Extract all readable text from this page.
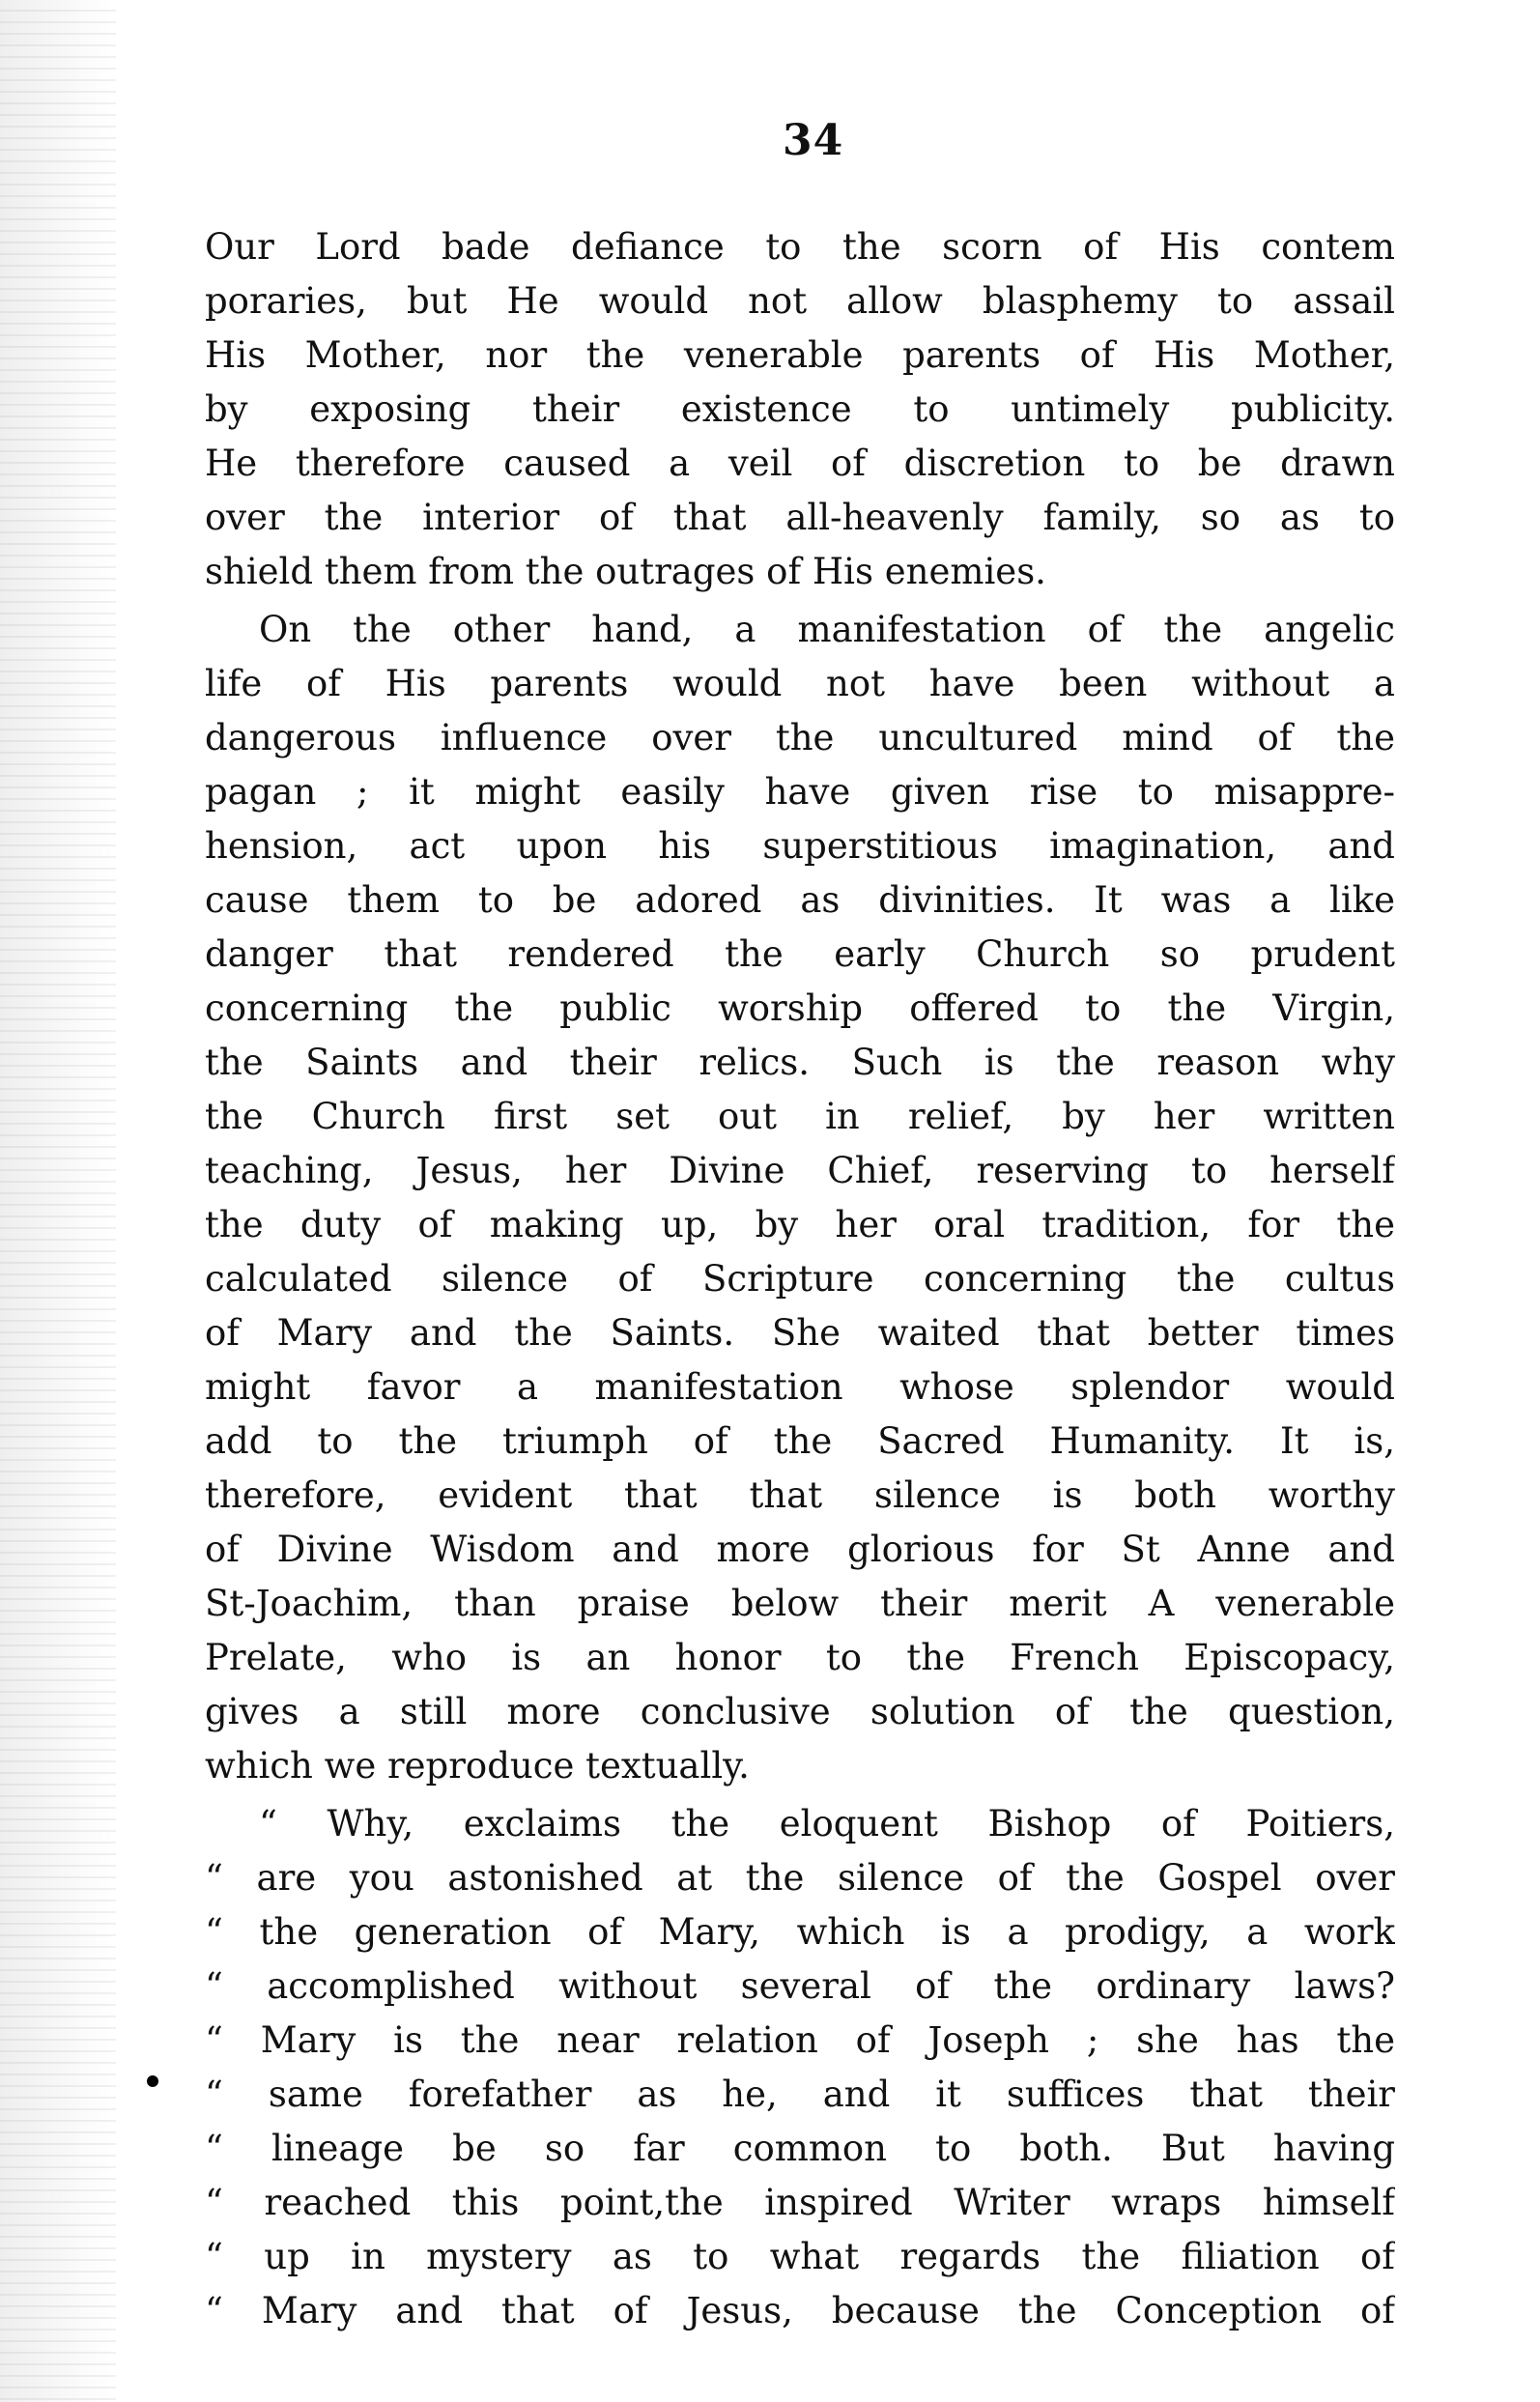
34
Our Lord bade defiance to the scorn of His contem
poraries, but He would not allow blasphemy to assail
His Mother, nor the venerable parents of His Mother,
by exposing their existence to untimely publicity.
He therefore caused a veil of discretion to be drawn
over the interior of that all-heavenly family, so as to
shield them from the outrages of His enemies.
On the other hand, a manifestation of the angelic
life of His parents would not have been without a
dangerous influence over the uncultured mind of the
pagan ; it might easily have given rise to misappre-
hension, act upon his superstitious imagination, and
cause them to be adored as divinities. It was a like
danger that rendered the early Church so prudent
concerning the public worship offered to the Virgin,
the Saints and their relics. Such is the reason why
the Church first set out in relief, by her written
teaching, Jesus, her Divine Chief, reserving to herself
the duty of making up, by her oral tradition, for the
calculated silence of Scripture concerning the cultus
of Mary and the Saints. She waited that better times
might favor a manifestation whose splendor would
add to the triumph of the Sacred Humanity. It is,
therefore, evident that that silence is both worthy
of Divine Wisdom and more glorious for St Anne and
St-Joachim, than praise below their merit A venerable
Prelate, who is an honor to the French Episcopacy,
gives a still more conclusive solution of the question,
which we reproduce textually.
“ Why, exclaims the eloquent Bishop of Poitiers,
“ are you astonished at the silence of the Gospel over
“ the generation of Mary, which is a prodigy, a work
“ accomplished without several of the ordinary laws?
“ Mary is the near relation of Joseph ; she has the
“ same forefather as he, and it suffices that their
“ lineage be so far common to both. But having
“ reached this point,the inspired Writer wraps himself
“ up in mystery as to what regards the filiation of
“ Mary and that of Jesus, because the Conception of
